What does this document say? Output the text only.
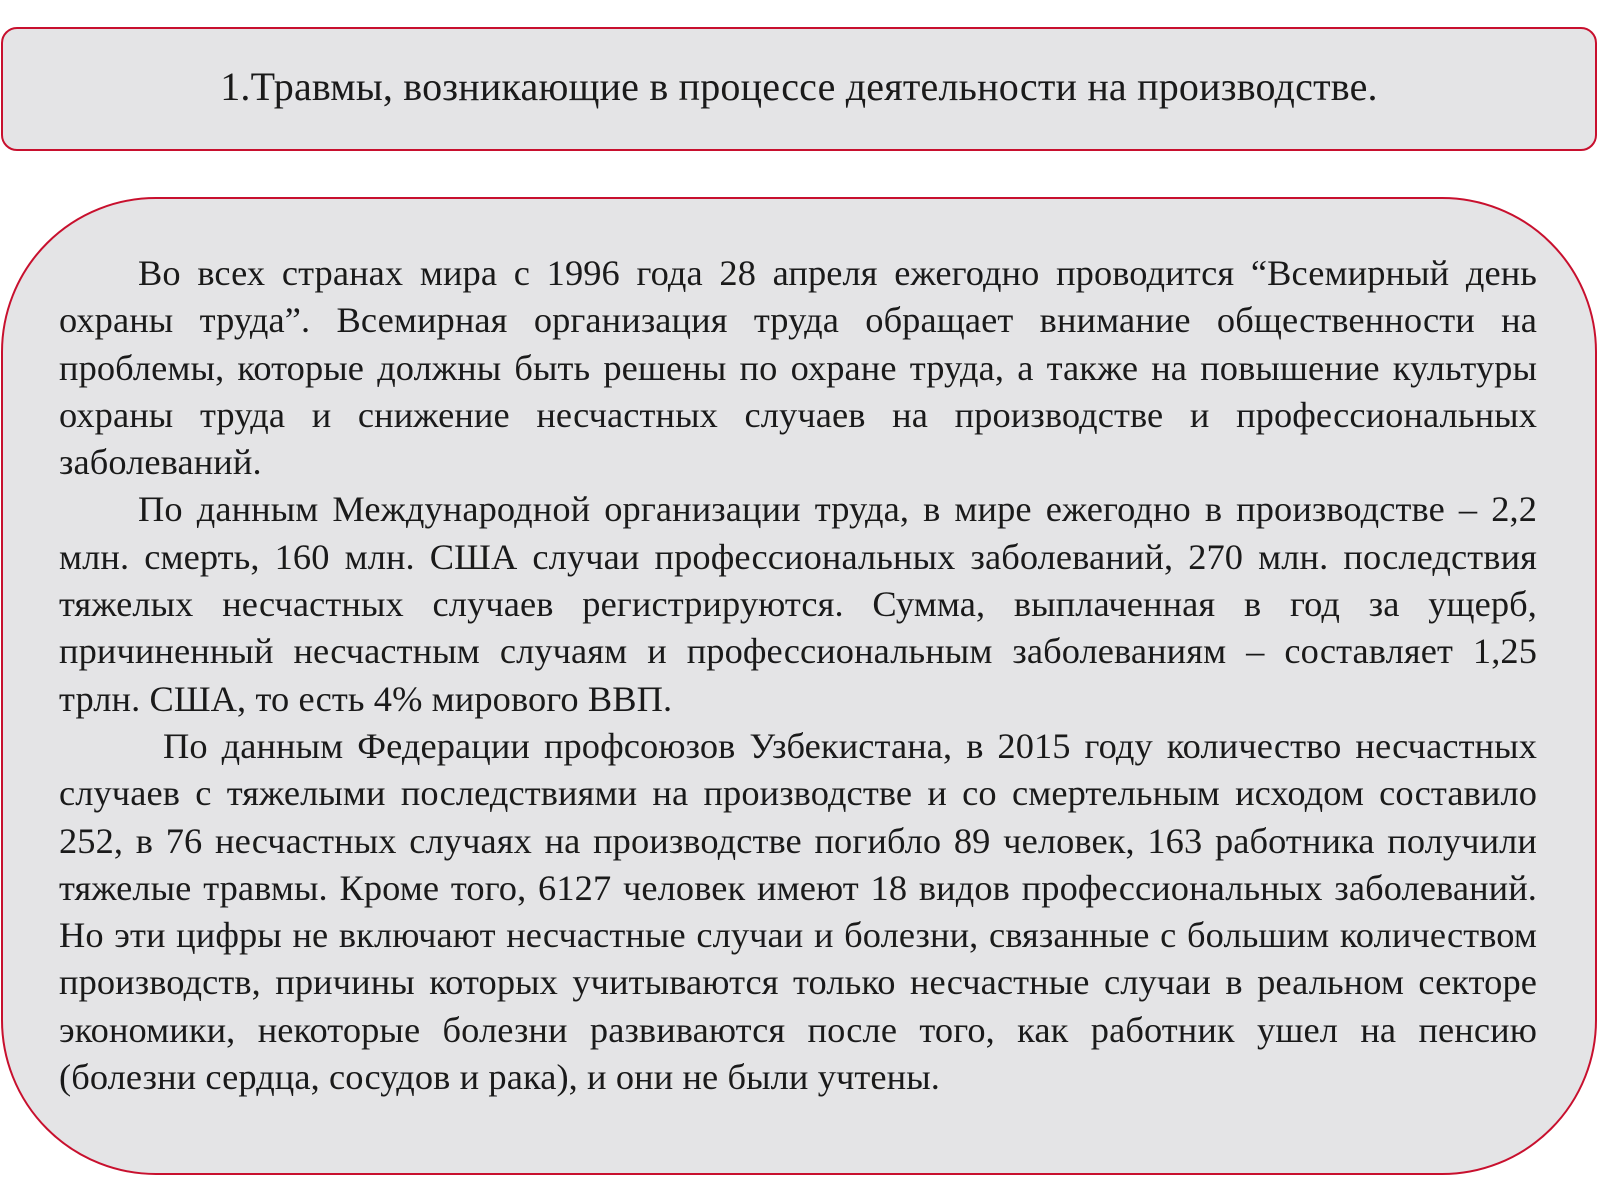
1.Травмы, возникающие в процессе деятельности на производстве.

Во всех странах мира с 1996 года 28 апреля ежегодно проводится “Всемирный день охраны труда”. Всемирная организация труда обращает внимание общественности на проблемы, которые должны быть решены по охране труда, а также на повышение культуры охраны труда и снижение несчастных случаев на производстве и профессиональных заболеваний.

По данным Международной организации труда, в мире ежегодно в производстве – 2,2 млн. смерть, 160 млн. США случаи профессиональных заболеваний, 270 млн. последствия тяжелых несчастных случаев регистрируются. Сумма, выплаченная в год за ущерб, причиненный несчастным случаям и профессиональным заболеваниям – составляет 1,25 трлн. США, то есть 4% мирового ВВП.

По данным Федерации профсоюзов Узбекистана, в 2015 году количество несчастных случаев с тяжелыми последствиями на производстве и со смертельным исходом составило 252, в 76 несчастных случаях на производстве погибло 89 человек, 163 работника получили тяжелые травмы. Кроме того, 6127 человек имеют 18 видов профессиональных заболеваний. Но эти цифры не включают несчастные случаи и болезни, связанные с большим количеством производств, причины которых учитываются только несчастные случаи в реальном секторе экономики, некоторые болезни развиваются после того, как работник ушел на пенсию (болезни сердца, сосудов и рака), и они не были учтены.
